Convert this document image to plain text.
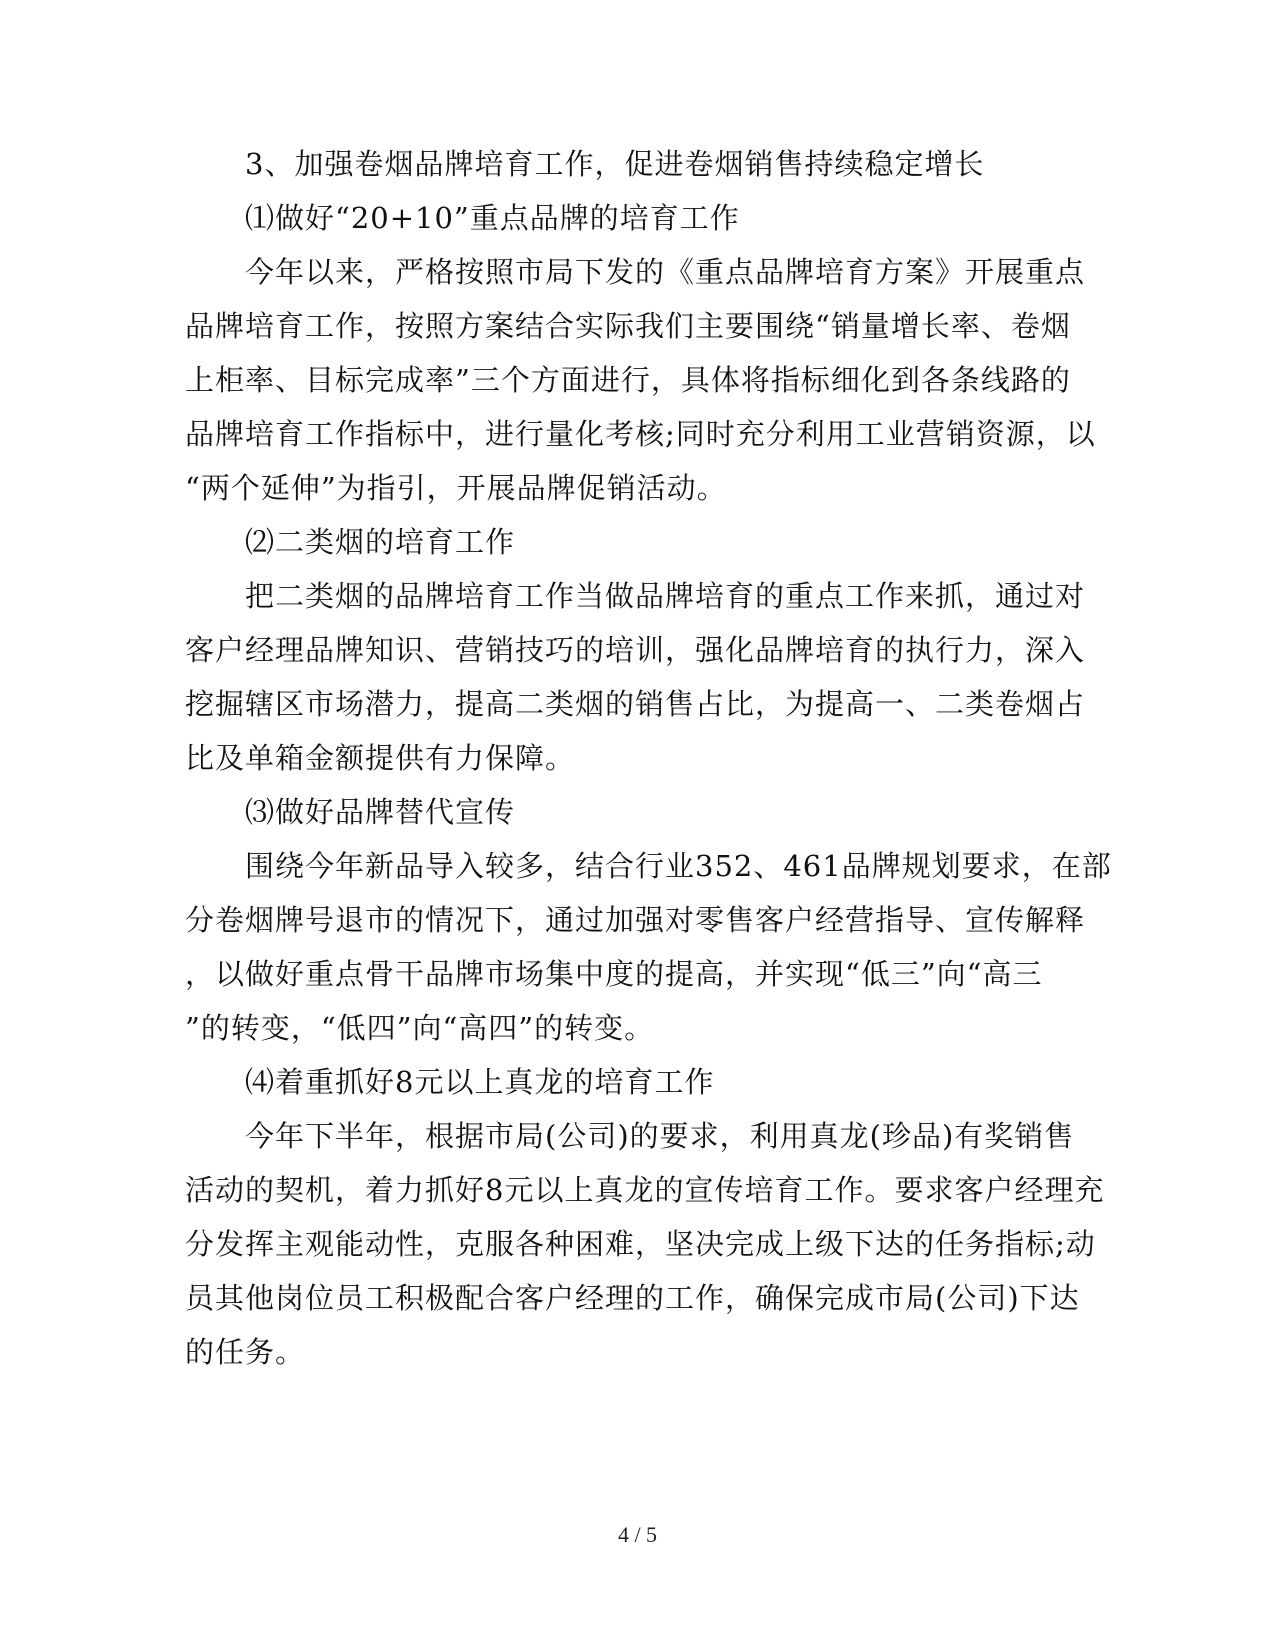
3、加强卷烟品牌培育工作，促进卷烟销售持续稳定增长
⑴做好“20+10”重点品牌的培育工作
今年以来，严格按照市局下发的《重点品牌培育方案》开展重点
品牌培育工作，按照方案结合实际我们主要围绕“销量增长率、卷烟
上柜率、目标完成率”三个方面进行，具体将指标细化到各条线路的
品牌培育工作指标中，进行量化考核;同时充分利用工业营销资源，以
“两个延伸”为指引，开展品牌促销活动。
⑵二类烟的培育工作
把二类烟的品牌培育工作当做品牌培育的重点工作来抓，通过对
客户经理品牌知识、营销技巧的培训，强化品牌培育的执行力，深入
挖掘辖区市场潜力，提高二类烟的销售占比，为提高一、二类卷烟占
比及单箱金额提供有力保障。
⑶做好品牌替代宣传
围绕今年新品导入较多，结合行业352、461品牌规划要求，在部
分卷烟牌号退市的情况下，通过加强对零售客户经营指导、宣传解释
，以做好重点骨干品牌市场集中度的提高，并实现“低三”向“高三
”的转变，“低四”向“高四”的转变。
⑷着重抓好8元以上真龙的培育工作
今年下半年，根据市局(公司)的要求，利用真龙(珍品)有奖销售
活动的契机，着力抓好8元以上真龙的宣传培育工作。要求客户经理充
分发挥主观能动性，克服各种困难，坚决完成上级下达的任务指标;动
员其他岗位员工积极配合客户经理的工作，确保完成市局(公司)下达
的任务。
4 / 5
